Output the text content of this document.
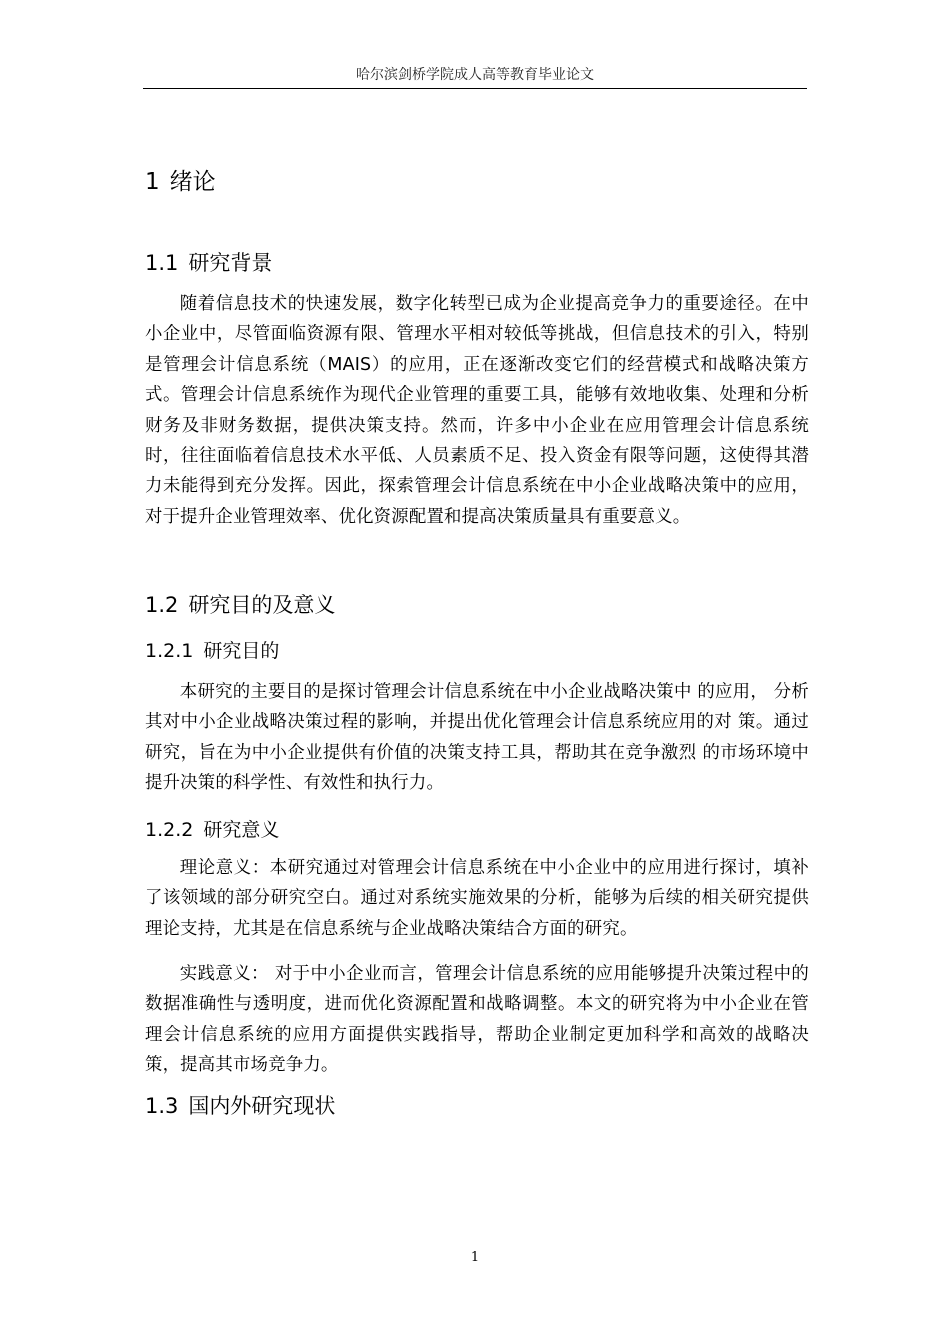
哈尔滨剑桥学院成人高等教育毕业论文
1 绪论
1.1 研究背景

随着信息技术的快速发展，数字化转型已成为企业提高竞争力的重要途径。在中小企业中，尽管面临资源有限、管理水平相对较低等挑战，但信息技术的引入，特别是管理会计信息系统（MAIS）的应用，正在逐渐改变它们的经营模式和战略决策方式。管理会计信息系统作为现代企业管理的重要工具，能够有效地收集、处理和分析财务及非财务数据，提供决策支持。然而，许多中小企业在应用管理会计信息系统时，往往面临着信息技术水平低、人员素质不足、投入资金有限等问题，这使得其潜力未能得到充分发挥。因此，探索管理会计信息系统在中小企业战略决策中的应用，对于提升企业管理效率、优化资源配置和提高决策质量具有重要意义。

1.2 研究目的及意义
1.2.1 研究目的

本研究的主要目的是探讨管理会计信息系统在中小企业战略决策中 的应用， 分析其对中小企业战略决策过程的影响，并提出优化管理会计信息系统应用的对 策。通过研究，旨在为中小企业提供有价值的决策支持工具，帮助其在竞争激烈 的市场环境中提升决策的科学性、有效性和执行力。

1.2.2 研究意义

理论意义：本研究通过对管理会计信息系统在中小企业中的应用进行探讨，填补了该领域的部分研究空白。通过对系统实施效果的分析，能够为后续的相关研究提供理论支持，尤其是在信息系统与企业战略决策结合方面的研究。

实践意义： 对于中小企业而言，管理会计信息系统的应用能够提升决策过程中的数据准确性与透明度，进而优化资源配置和战略调整。本文的研究将为中小企业在管理会计信息系统的应用方面提供实践指导，帮助企业制定更加科学和高效的战略决策，提高其市场竞争力。

1.3 国内外研究现状
1
